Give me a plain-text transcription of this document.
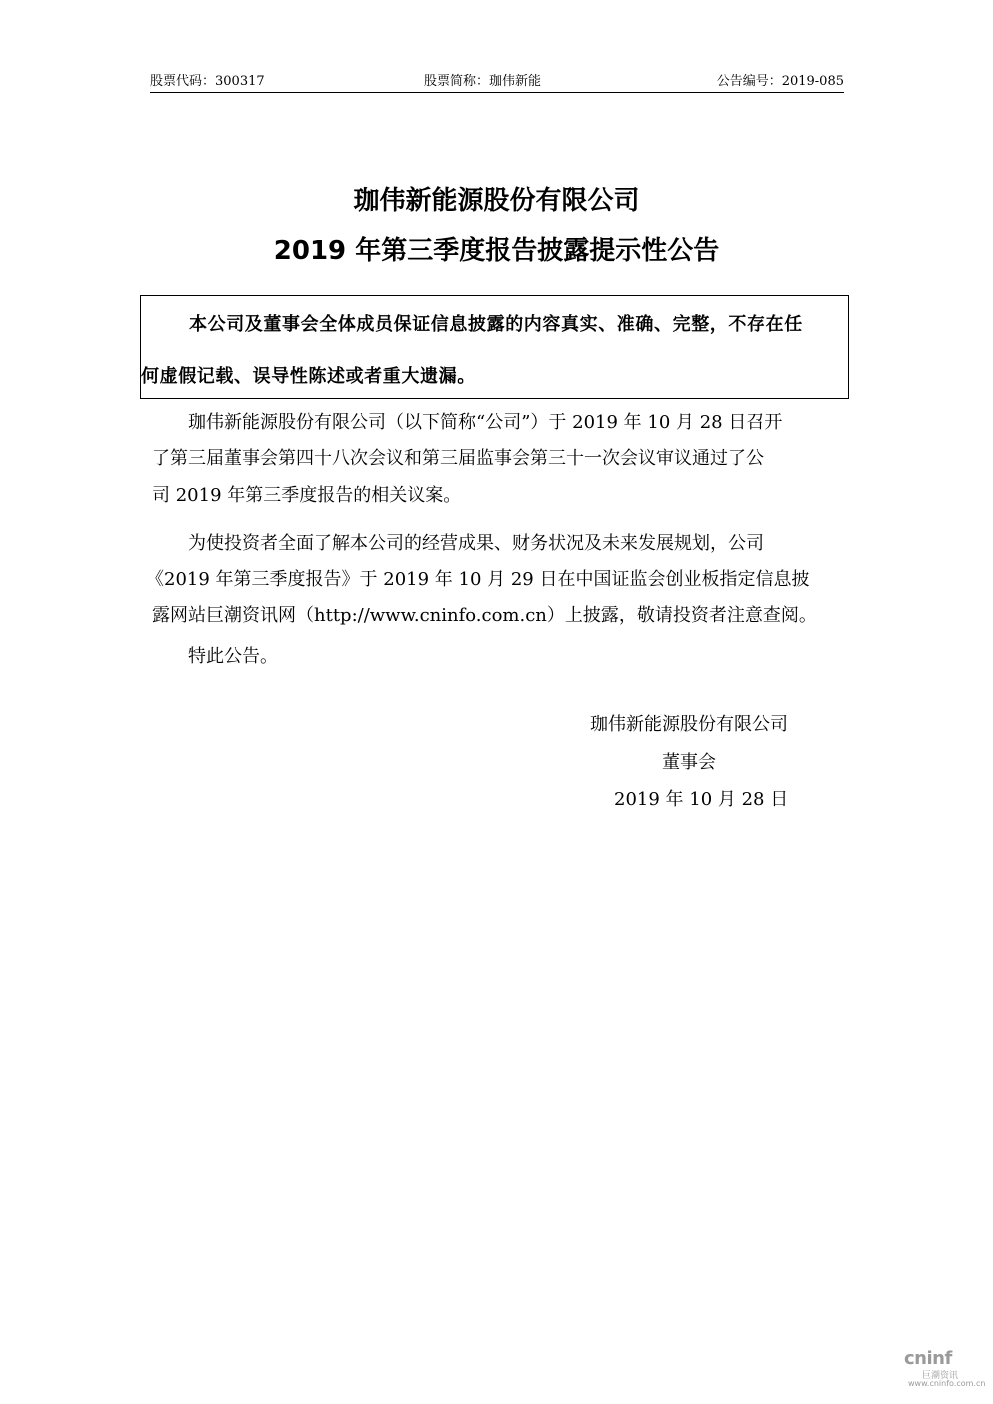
股票代码：300317	股票简称：珈伟新能	公告编号：2019-085
珈伟新能源股份有限公司
2019 年第三季度报告披露提示性公告
本公司及董事会全体成员保证信息披露的内容真实、准确、完整，不存在任
何虚假记载、误导性陈述或者重大遗漏。
珈伟新能源股份有限公司（以下简称“公司”）于 2019 年 10 月 28 日召开
了第三届董事会第四十八次会议和第三届监事会第三十一次会议审议通过了公
司 2019 年第三季度报告的相关议案。
为使投资者全面了解本公司的经营成果、财务状况及未来发展规划，公司
《2019 年第三季度报告》于 2019 年 10 月 29 日在中国证监会创业板指定信息披
露网站巨潮资讯网（http://www.cninfo.com.cn）上披露，敬请投资者注意查阅。
特此公告。
珈伟新能源股份有限公司
董事会
2019 年 10 月 28 日
cninf
巨潮资讯
www.cninfo.com.cn
